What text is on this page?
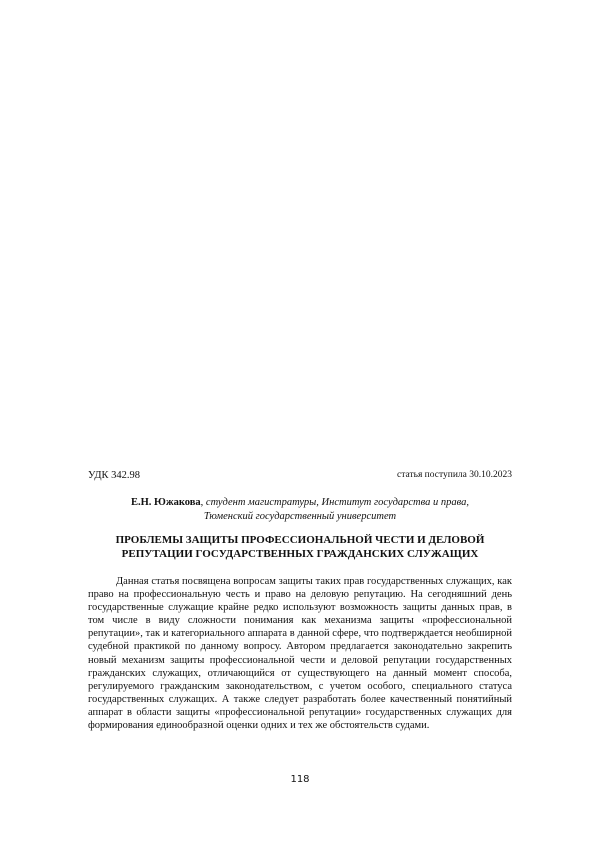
УДК 342.98	статья поступила 30.10.2023
Е.Н. Южакова, студент магистратуры, Институт государства и права,
Тюменский государственный университет
ПРОБЛЕМЫ ЗАЩИТЫ ПРОФЕССИОНАЛЬНОЙ ЧЕСТИ И ДЕЛОВОЙ
РЕПУТАЦИИ ГОСУДАРСТВЕННЫХ ГРАЖДАНСКИХ СЛУЖАЩИХ

Данная статья посвящена вопросам защиты таких прав государственных служащих, как право на профессиональную честь и право на деловую репутацию. На сегодняшний день государственные служащие крайне редко используют возможность защиты данных прав, в том числе в виду сложности понимания как механизма защиты «профессиональной репутации», так и категориального аппарата в данной сфере, что подтверждается необширной судебной практикой по данному вопросу. Автором предлагается законодательно закрепить новый механизм защиты профессиональной чести и деловой репутации государственных гражданских служащих, отличающийся от существующего на данный момент способа, регулируемого гражданским законодательством, с учетом особого, специального статуса государственных служащих. А также следует разработать более качественный понятийный аппарат в области защиты «профессиональной репутации» государственных служащих для формирования единообразной оценки одних и тех же обстоятельств судами.

118
